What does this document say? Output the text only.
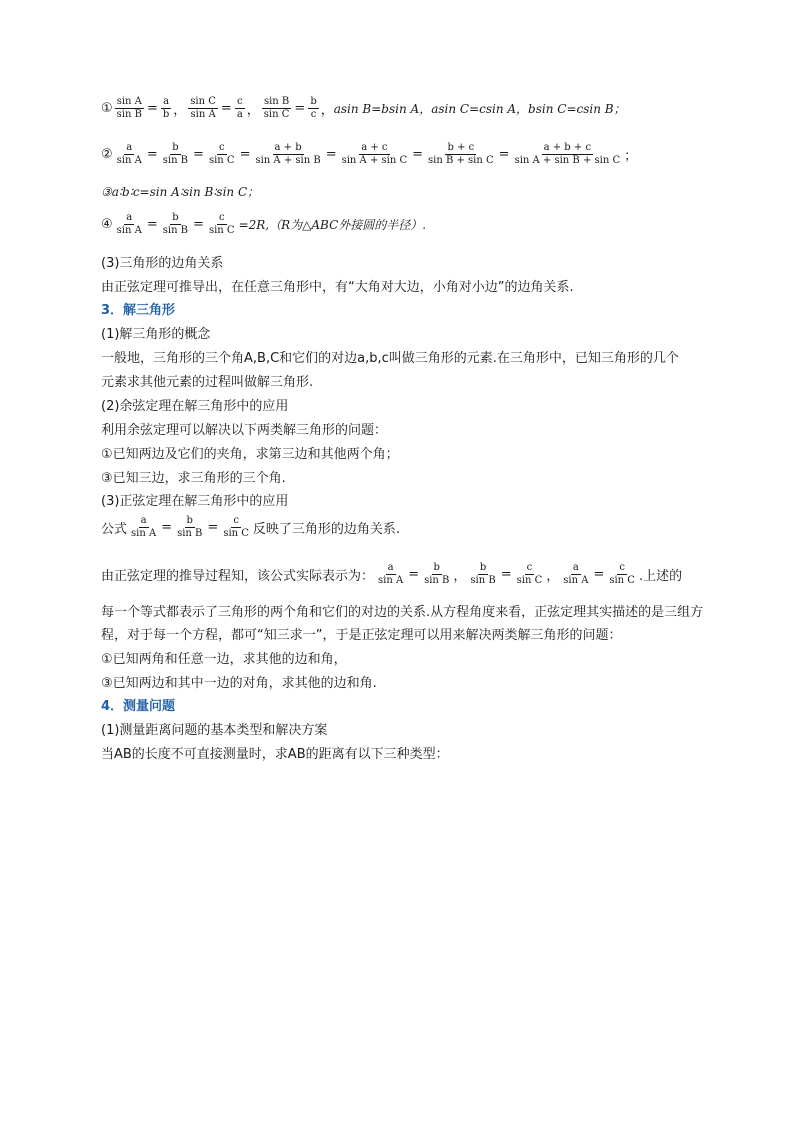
① $\frac{\text{sin A}}{\text{sin B}} = \frac{a}{b}$ ， $\frac{\text{sin C}}{\text{sin A}} = \frac{c}{a}$ ， $\frac{\text{sin B}}{\text{sin C}} = \frac{b}{c}$ ， asin B=bsin A，asin C=csin A，bsin C=csin B；
② $\frac{a}{\text{sin A}} = \frac{b}{\text{sin B}} = \frac{c}{\text{sin C}} = \frac{a + b}{\text{sin A + sin B}} = \frac{a + c}{\text{sin A + sin C}} = \frac{b + c}{\text{sin B + sin C}} = \frac{a + b + c}{\text{sin A + sin B + sin C}}$ ；
③a∶b∶c=sin A∶sin B∶sin C；
④ $\frac{a}{\text{sin A}} = \frac{b}{\text{sin B}} = \frac{c}{\text{sin C}} =2R,(R$为△ABC外接圆的半径）.
(3)三角形的边角关系
由正弦定理可推导出，在任意三角形中，有“大角对大边，小角对小边”的边角关系.
3．解三角形
(1)解三角形的概念
一般地，三角形的三个角A,B,C和它们的对边a,b,c叫做三角形的元素.在三角形中，已知三角形的几个
元素求其他元素的过程叫做解三角形.
(2)余弦定理在解三角形中的应用
利用余弦定理可以解决以下两类解三角形的问题：
①已知两边及它们的夹角，求第三边和其他两个角；
③已知三边，求三角形的三个角.
(3)正弦定理在解三角形中的应用
公式 $\frac{a}{\text{sin A}} = \frac{b}{\text{sin B}} = \frac{c}{\text{sin C}}$ 反映了三角形的边角关系.
由正弦定理的推导过程知，该公式实际表示为： $\frac{a}{\text{sin A}} = \frac{b}{\text{sin B}}$ ， $\frac{b}{\text{sin B}} = \frac{c}{\text{sin C}}$ ， $\frac{a}{\text{sin A}} = \frac{c}{\text{sin C}}$ .上述的
每一个等式都表示了三角形的两个角和它们的对边的关系.从方程角度来看，正弦定理其实描述的是三组方
程，对于每一个方程，都可“知三求一”，于是正弦定理可以用来解决两类解三角形的问题：
①已知两角和任意一边，求其他的边和角，
③已知两边和其中一边的对角，求其他的边和角.
4．测量问题
(1)测量距离问题的基本类型和解决方案
当AB的长度不可直接测量时，求AB的距离有以下三种类型：
